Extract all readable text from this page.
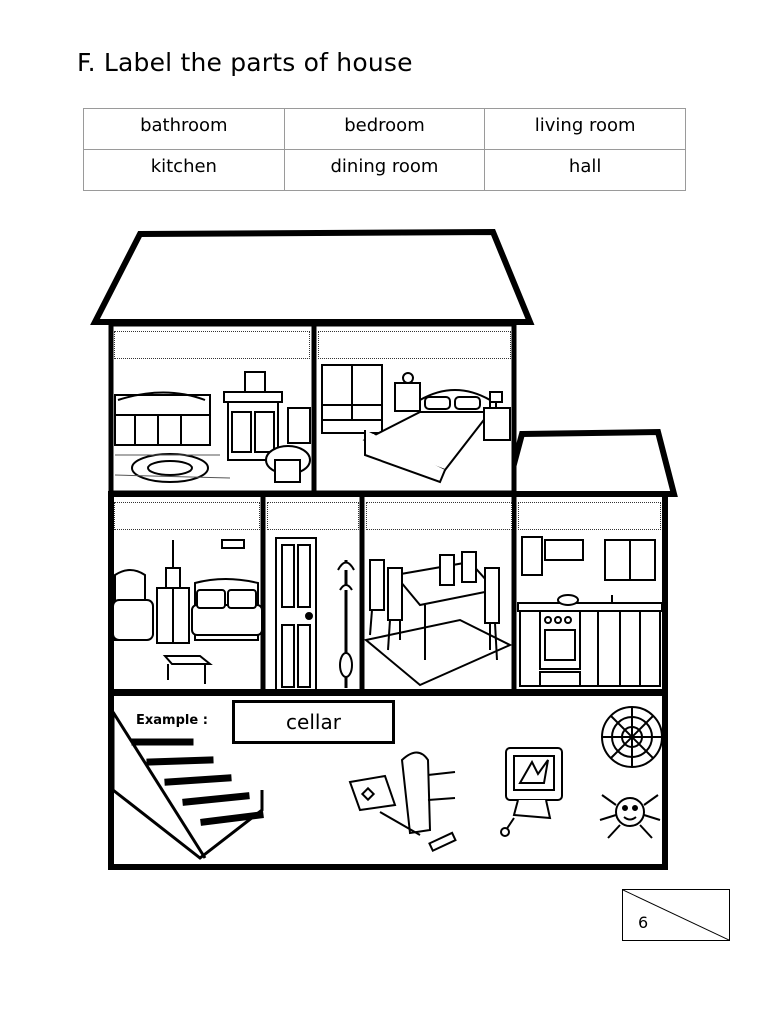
F. Label the parts of house
bathroom	bedroom	living room
kitchen	dining room	hall
Example :	cellar
6
